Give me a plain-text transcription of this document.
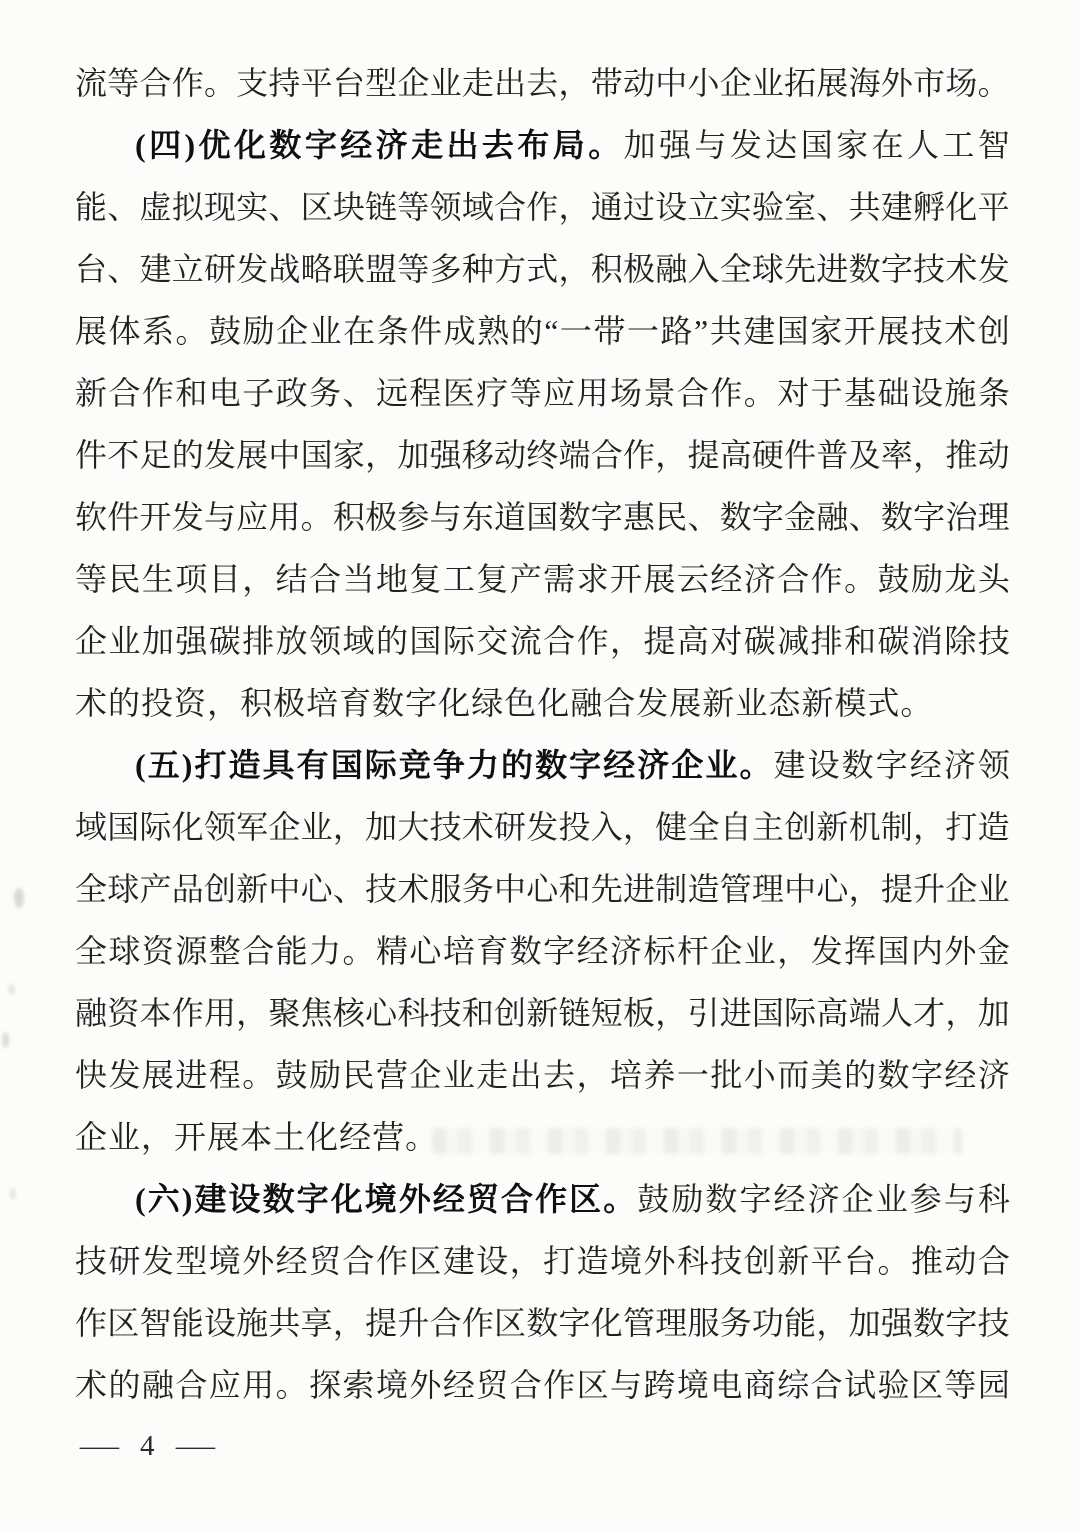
流 等 合 作 。 支 持 平 台 型 企 业 走 出 去 ， 带 动 中 小 企 业 拓 展 海 外 市 场 。
( 四 ) 优 化 数 字 经 济 走 出 去 布 局 。 加 强 与 发 达 国 家 在 人 工 智
能 、 虚 拟 现 实 、 区 块 链 等 领 域 合 作 ， 通 过 设 立 实 验 室 、 共 建 孵 化 平
台 、 建 立 研 发 战 略 联 盟 等 多 种 方 式 ， 积 极 融 入 全 球 先 进 数 字 技 术 发
展 体 系 。 鼓 励 企 业 在 条 件 成 熟 的 “ 一 带 一 路 ” 共 建 国 家 开 展 技 术 创
新 合 作 和 电 子 政 务 、 远 程 医 疗 等 应 用 场 景 合 作 。 对 于 基 础 设 施 条
件 不 足 的 发 展 中 国 家 ， 加 强 移 动 终 端 合 作 ， 提 高 硬 件 普 及 率 ， 推 动
软 件 开 发 与 应 用 。 积 极 参 与 东 道 国 数 字 惠 民 、 数 字 金 融 、 数 字 治 理
等 民 生 项 目 ， 结 合 当 地 复 工 复 产 需 求 开 展 云 经 济 合 作 。 鼓 励 龙 头
企 业 加 强 碳 排 放 领 域 的 国 际 交 流 合 作 ， 提 高 对 碳 减 排 和 碳 消 除 技
术 的 投 资 ， 积 极 培 育 数 字 化 绿 色 化 融 合 发 展 新 业 态 新 模 式 。
( 五 ) 打 造 具 有 国 际 竞 争 力 的 数 字 经 济 企 业 。 建 设 数 字 经 济 领
域 国 际 化 领 军 企 业 ， 加 大 技 术 研 发 投 入 ， 健 全 自 主 创 新 机 制 ， 打 造
全 球 产 品 创 新 中 心 、 技 术 服 务 中 心 和 先 进 制 造 管 理 中 心 ， 提 升 企 业
全 球 资 源 整 合 能 力 。 精 心 培 育 数 字 经 济 标 杆 企 业 ， 发 挥 国 内 外 金
融 资 本 作 用 ， 聚 焦 核 心 科 技 和 创 新 链 短 板 ， 引 进 国 际 高 端 人 才 ， 加
快 发 展 进 程 。 鼓 励 民 营 企 业 走 出 去 ， 培 养 一 批 小 而 美 的 数 字 经 济
企 业 ， 开 展 本 土 化 经 营 。
( 六 ) 建 设 数 字 化 境 外 经 贸 合 作 区 。 鼓 励 数 字 经 济 企 业 参 与 科
技 研 发 型 境 外 经 贸 合 作 区 建 设 ， 打 造 境 外 科 技 创 新 平 台 。 推 动 合
作 区 智 能 设 施 共 享 ， 提 升 合 作 区 数 字 化 管 理 服 务 功 能 ， 加 强 数 字 技
术 的 融 合 应 用 。 探 索 境 外 经 贸 合 作 区 与 跨 境 电 商 综 合 试 验 区 等 园
— 4 —
